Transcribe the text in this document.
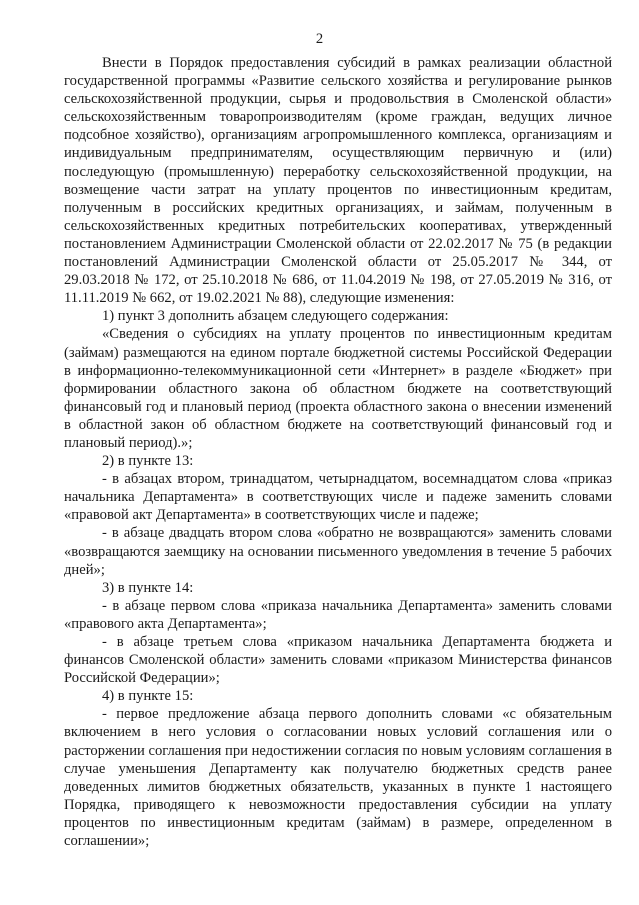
2

Внести в Порядок предоставления субсидий в рамках реализации областной государственной программы «Развитие сельского хозяйства и регулирование рынков сельскохозяйственной продукции, сырья и продовольствия в Смоленской области» сельскохозяйственным товаропроизводителям (кроме граждан, ведущих личное подсобное хозяйство), организациям агропромышленного комплекса, организациям и индивидуальным предпринимателям, осуществляющим первичную и (или) последующую (промышленную) переработку сельскохозяйственной продукции, на возмещение части затрат на уплату процентов по инвестиционным кредитам, полученным в российских кредитных организациях, и займам, полученным в сельскохозяйственных кредитных потребительских кооперативах, утвержденный постановлением Администрации Смоленской области от 22.02.2017 № 75 (в редакции постановлений Администрации Смоленской области от 25.05.2017 № 344, от 29.03.2018 № 172, от 25.10.2018 № 686, от 11.04.2019 № 198, от 27.05.2019 № 316, от 11.11.2019 № 662, от 19.02.2021 № 88), следующие изменения:

1) пункт 3 дополнить абзацем следующего содержания:

«Сведения о субсидиях на уплату процентов по инвестиционным кредитам (займам) размещаются на едином портале бюджетной системы Российской Федерации в информационно-телекоммуникационной сети «Интернет» в разделе «Бюджет» при формировании областного закона об областном бюджете на соответствующий финансовый год и плановый период (проекта областного закона о внесении изменений в областной закон об областном бюджете на соответствующий финансовый год и плановый период).»;

2) в пункте 13:

- в абзацах втором, тринадцатом, четырнадцатом, восемнадцатом слова «приказ начальника Департамента» в соответствующих числе и падеже заменить словами «правовой акт Департамента» в соответствующих числе и падеже;

- в абзаце двадцать втором слова «обратно не возвращаются» заменить словами «возвращаются заемщику на основании письменного уведомления в течение 5 рабочих дней»;

3) в пункте 14:

- в абзаце первом слова «приказа начальника Департамента» заменить словами «правового акта Департамента»;

- в абзаце третьем слова «приказом начальника Департамента бюджета и финансов Смоленской области» заменить словами «приказом Министерства финансов Российской Федерации»;

4) в пункте 15:

- первое предложение абзаца первого дополнить словами «с обязательным включением в него условия о согласовании новых условий соглашения или о расторжении соглашения при недостижении согласия по новым условиям соглашения в случае уменьшения Департаменту как получателю бюджетных средств ранее доведенных лимитов бюджетных обязательств, указанных в пункте 1 настоящего Порядка, приводящего к невозможности предоставления субсидии на уплату процентов по инвестиционным кредитам (займам) в размере, определенном в соглашении»;
